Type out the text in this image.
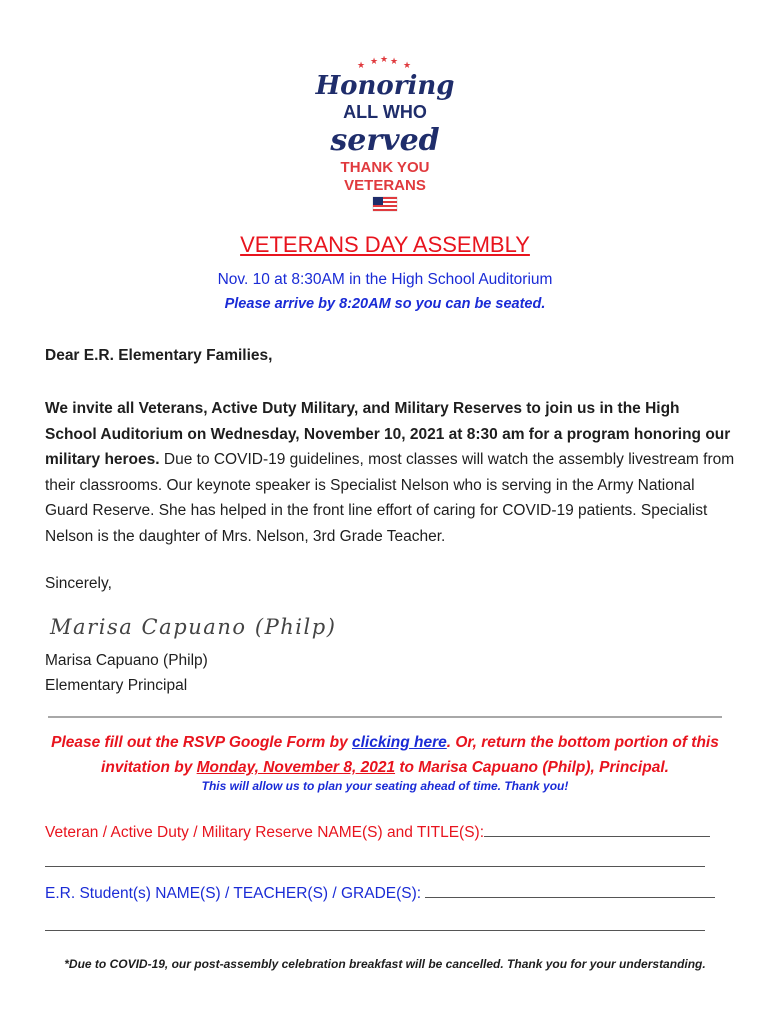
★ ★ ★ ★ ★
Honoring
ALL WHO
served
THANK YOU
VETERANS
VETERANS DAY ASSEMBLY
Nov. 10 at 8:30AM in the High School Auditorium
Please arrive by 8:20AM so you can be seated.
Dear E.R. Elementary Families,
We invite all Veterans, Active Duty Military, and Military Reserves to join us in the High School Auditorium on Wednesday, November 10, 2021 at 8:30 am for a program honoring our military heroes. Due to COVID-19 guidelines, most classes will watch the assembly livestream from their classrooms. Our keynote speaker is Specialist Nelson who is serving in the Army National Guard Reserve. She has helped in the front line effort of caring for COVID-19 patients. Specialist Nelson is the daughter of Mrs. Nelson, 3rd Grade Teacher.
Sincerely,
Marisa Capuano (Philp)
Marisa Capuano (Philp)
Elementary Principal
Please fill out the RSVP Google Form by clicking here. Or, return the bottom portion of this
invitation by Monday, November 8, 2021 to Marisa Capuano (Philp), Principal.
This will allow us to plan your seating ahead of time. Thank you!
Veteran / Active Duty / Military Reserve NAME(S) and TITLE(S):
E.R. Student(s) NAME(S) / TEACHER(S) / GRADE(S):
*Due to COVID-19, our post-assembly celebration breakfast will be cancelled. Thank you for your understanding.
